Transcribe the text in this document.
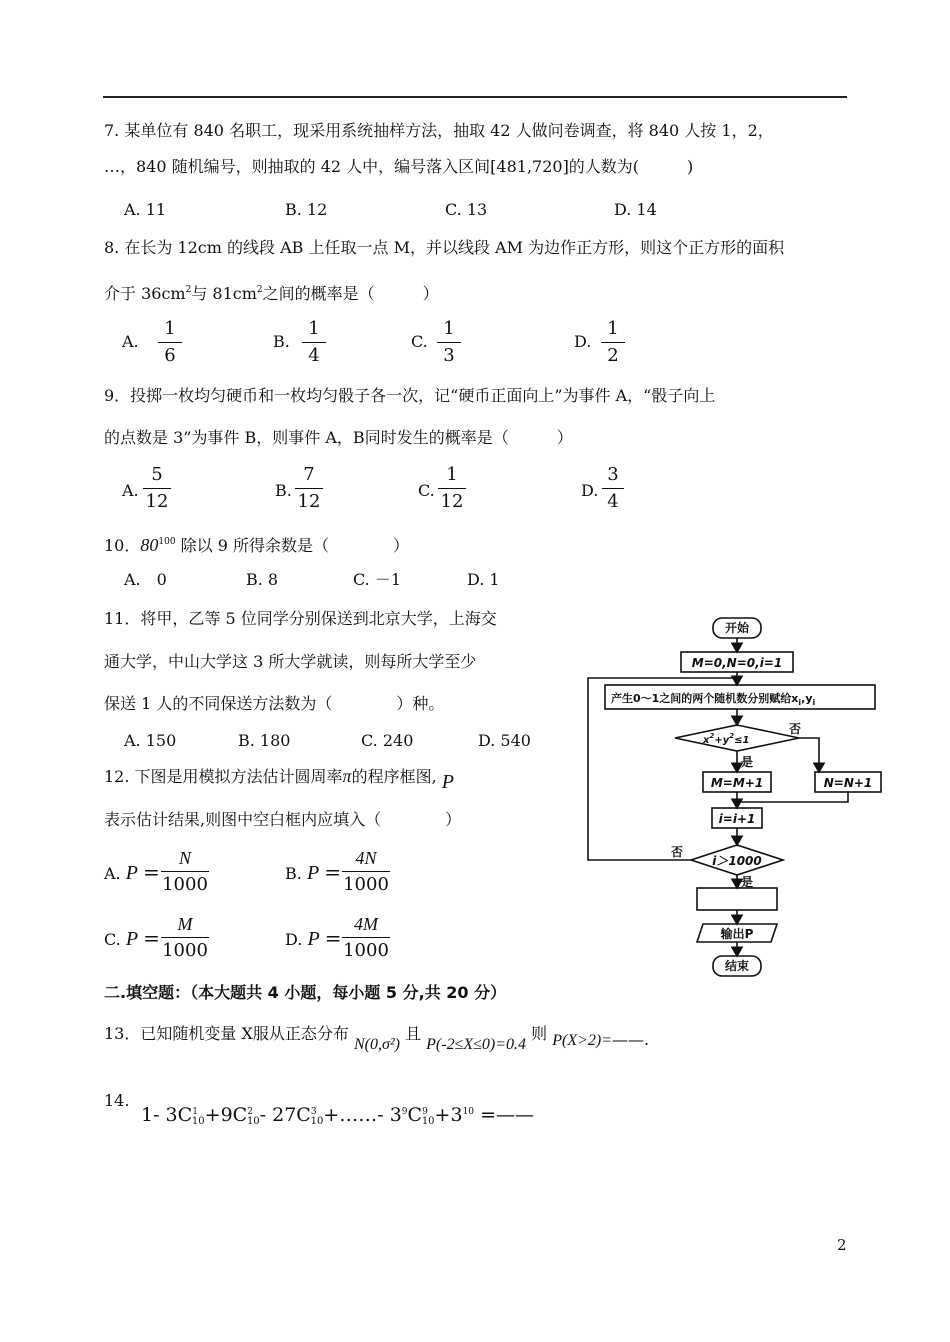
7. 某单位有 840 名职工，现采用系统抽样方法，抽取 42 人做问卷调查，将 840 人按 1，2，
…，840 随机编号，则抽取的 42 人中，编号落入区间[481,720]的人数为(　　　)
A. 11	B. 12	C. 13	D. 14
8. 在长为 12cm 的线段 AB 上任取一点 M，并以线段 AM 为边作正方形，则这个正方形的面积
介于 $36cm^2$与 $81cm^2$之间的概率是（　　　）
A.
1
6
B.
1
4
C.
1
3
D.
1
2
9．投掷一枚均匀硬币和一枚均匀骰子各一次，记“硬币正面向上”为事件 A，“骰子向上
的点数是 3”为事件 B，则事件 A，B同时发生的概率是（　　　）
A.
5
12
B.
7
12
C.
1
12
D.
3
4
10．$80^{100}$ 除以 9 所得余数是（　　　　）
A.　0	B. 8	C. －1	D. 1
11．将甲，乙等 5 位同学分别保送到北京大学，上海交
通大学，中山大学这 3 所大学就读，则每所大学至少
保送 1 人的不同保送方法数为（　　　　）种。
A. 150	B. 180	C. 240	D. 540
12. 下图是用模拟方法估计圆周率π的程序框图, P
表示估计结果,则图中空白框内应填入（　　　　）
A. P =
N
1000
B. P =
4N
1000
C. P =
M
1000
D. P =
4M
1000
开始
M=0,N=0,i=1
产生0～1之间的两个随机数分别赋给$x_i,y_i$
$x^2+y^2\le 1$
否
是
M=M+1	N=N+1
i=i+1
i＞1000
否
是
输出P
结束
二.填空题：（本大题共 4 小题，每小题 5 分,共 20 分）
13．已知随机变量 X服从正态分布 N(0,σ²) 且 P(-2≤X≤0)=0.4 则 P(X>2)=——.
14.
1- $3C^1_{10}+9C^2_{10}-$ $27C^3_{10}+\dots\dots-$ $3^9C^9_{10}+3^{10}$ =——
2
